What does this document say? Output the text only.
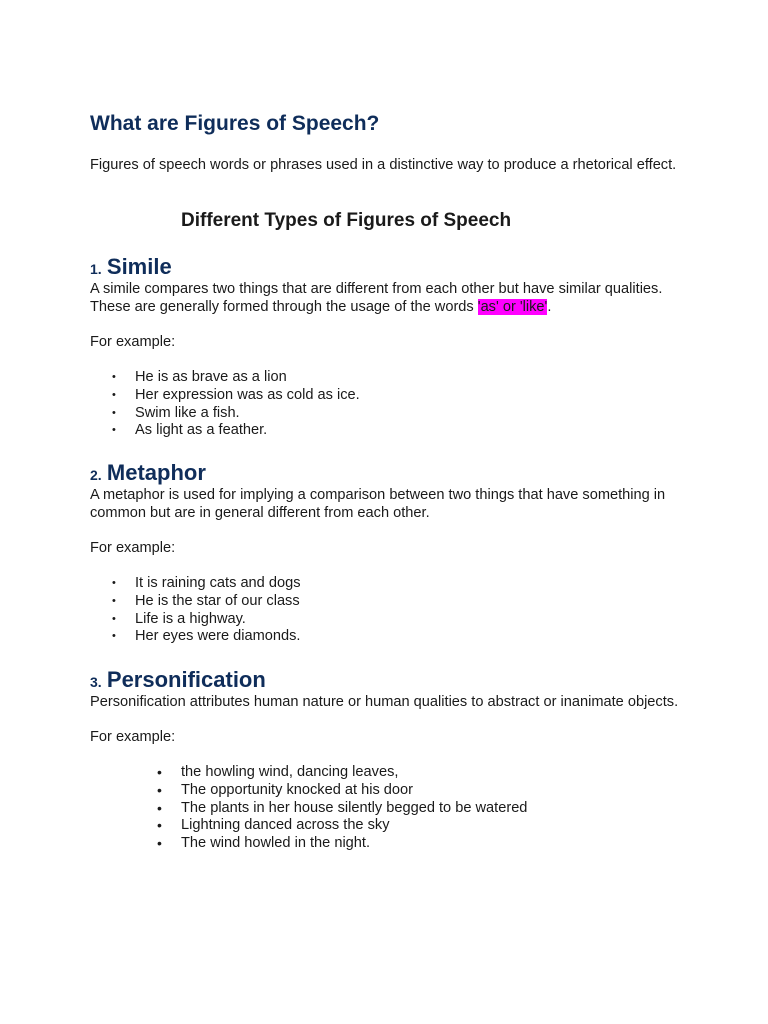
What are Figures of Speech?

Figures of speech words or phrases used in a distinctive way to produce a rhetorical effect.

Different Types of Figures of Speech
1. Simile

A simile compares two things that are different from each other but have similar qualities. These are generally formed through the usage of the words 'as' or 'like'.

For example:

• He is as brave as a lion
• Her expression was as cold as ice.
• Swim like a fish.
• As light as a feather.
2. Metaphor

A metaphor is used for implying a comparison between two things that have something in common but are in general different from each other.

For example:

• It is raining cats and dogs
• He is the star of our class
• Life is a highway.
• Her eyes were diamonds.
3. Personification

Personification attributes human nature or human qualities to abstract or inanimate objects.

For example:

• the howling wind, dancing leaves,
• The opportunity knocked at his door
• The plants in her house silently begged to be watered
• Lightning danced across the sky
• The wind howled in the night.
